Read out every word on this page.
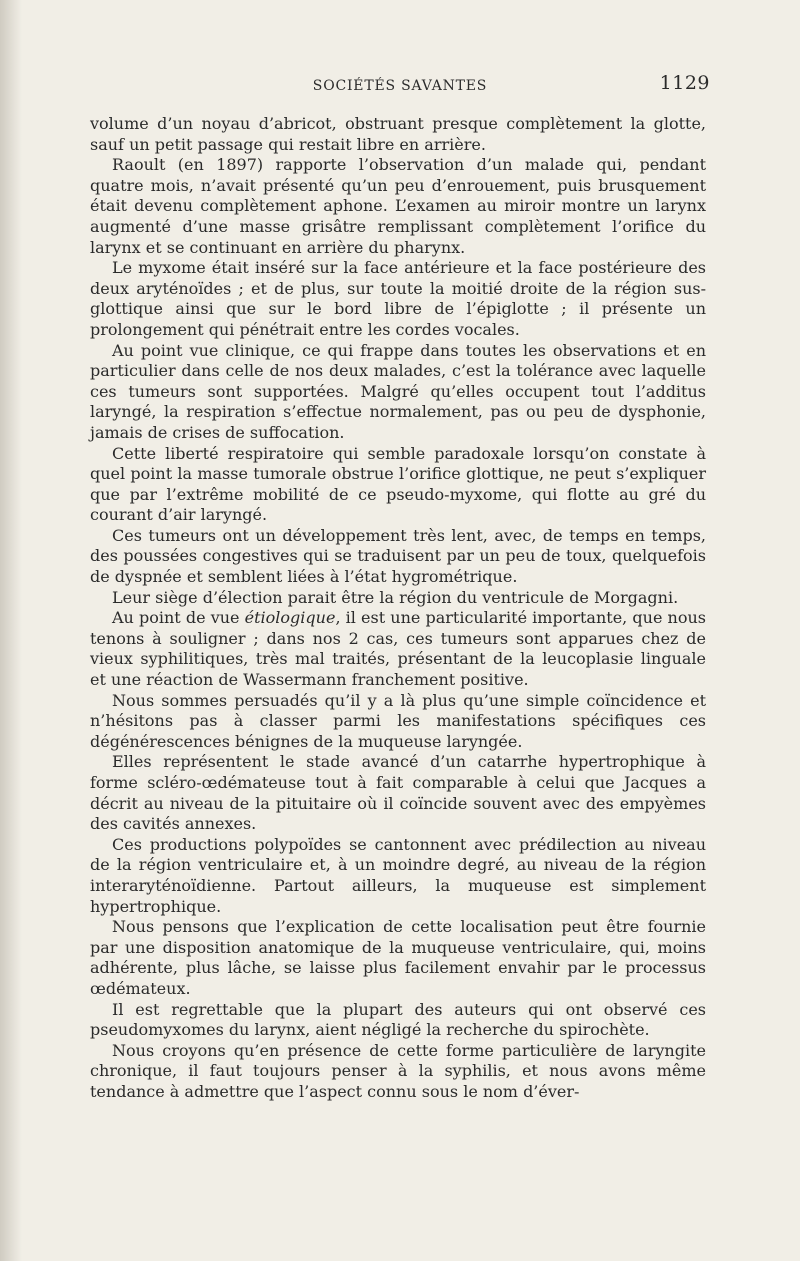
SOCIÉTÉS SAVANTES	1129

volume d’un noyau d’abricot, obstruant presque complètement la glotte, sauf un petit passage qui restait libre en arrière.

Raoult (en 1897) rapporte l’observation d’un malade qui, pendant quatre mois, n’avait présenté qu’un peu d’enrouement, puis brusquement était devenu complètement aphone. L’examen au miroir montre un larynx augmenté d’une masse grisâtre remplissant complètement l’orifice du larynx et se continuant en arrière du pharynx.

Le myxome était inséré sur la face antérieure et la face postérieure des deux aryténoïdes ; et de plus, sur toute la moitié droite de la région sus-glottique ainsi que sur le bord libre de l’épiglotte ; il présente un prolongement qui pénétrait entre les cordes vocales.

Au point vue clinique, ce qui frappe dans toutes les observations et en particulier dans celle de nos deux malades, c’est la tolérance avec laquelle ces tumeurs sont supportées. Malgré qu’elles occupent tout l’additus laryngé, la respiration s’effectue normalement, pas ou peu de dysphonie, jamais de crises de suffocation.

Cette liberté respiratoire qui semble paradoxale lorsqu’on constate à quel point la masse tumorale obstrue l’orifice glottique, ne peut s’expliquer que par l’extrême mobilité de ce pseudo-myxome, qui flotte au gré du courant d’air laryngé.

Ces tumeurs ont un développement très lent, avec, de temps en temps, des poussées congestives qui se traduisent par un peu de toux, quelquefois de dyspnée et semblent liées à l’état hygrométrique.

Leur siège d’élection parait être la région du ventricule de Morgagni.

Au point de vue étiologique, il est une particularité importante, que nous tenons à souligner ; dans nos 2 cas, ces tumeurs sont apparues chez de vieux syphilitiques, très mal traités, présentant de la leucoplasie linguale et une réaction de Wassermann franchement positive.

Nous sommes persuadés qu’il y a là plus qu’une simple coïncidence et n’hésitons pas à classer parmi les manifestations spécifiques ces dégénérescences bénignes de la muqueuse laryngée.

Elles représentent le stade avancé d’un catarrhe hypertrophique à forme scléro-œdémateuse tout à fait comparable à celui que Jacques a décrit au niveau de la pituitaire où il coïncide souvent avec des empyèmes des cavités annexes.

Ces productions polypoïdes se cantonnent avec prédilection au niveau de la région ventriculaire et, à un moindre degré, au niveau de la région interaryténoïdienne. Partout ailleurs, la muqueuse est simplement hypertrophique.

Nous pensons que l’explication de cette localisation peut être fournie par une disposition anatomique de la muqueuse ventriculaire, qui, moins adhérente, plus lâche, se laisse plus facilement envahir par le processus œdémateux.

Il est regrettable que la plupart des auteurs qui ont observé ces pseudomyxomes du larynx, aient négligé la recherche du spirochète.

Nous croyons qu’en présence de cette forme particulière de laryngite chronique, il faut toujours penser à la syphilis, et nous avons même tendance à admettre que l’aspect connu sous le nom d’éver-
